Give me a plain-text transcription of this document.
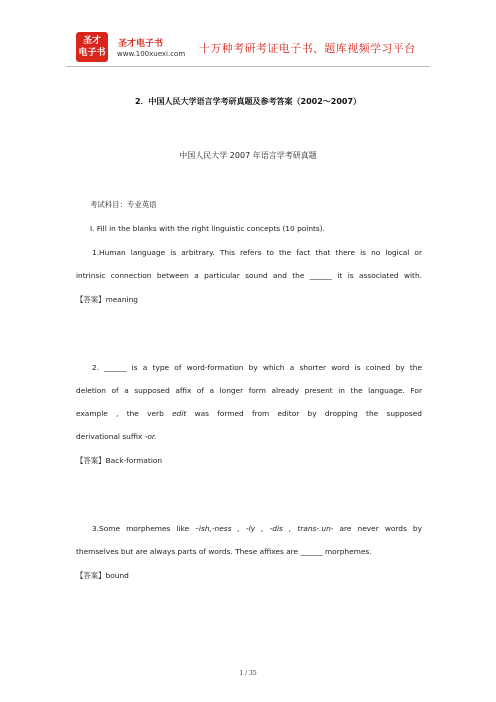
圣才
电子书
圣才电子书
www.100xuexi.com 十万种考研考证电子书、题库视频学习平台
2．中国人民大学语言学考研真题及参考答案（2002～2007）
中国人民大学 2007 年语言学考研真题
考试科目：专业英语
I. Fill in the blanks with the right linguistic concepts (10 points).
1.Human language is arbitrary. This refers to the fact that there is no logical or
intrinsic connection between a particular sound and the ______ it is associated with.
【答案】meaning
2. ______ is a type of word-formation by which a shorter word is coined by the
deletion of a supposed affix of a longer form already present in the language. For
example , the verb edit was formed from editor by dropping the supposed
derivational suffix -or.
【答案】Back-formation
3.Some morphemes like –ish,-ness , -ly , -dis , trans-.un- are never words by
themselves but are always parts of words. These affixes are ______ morphemes.
【答案】bound
1 / 35
